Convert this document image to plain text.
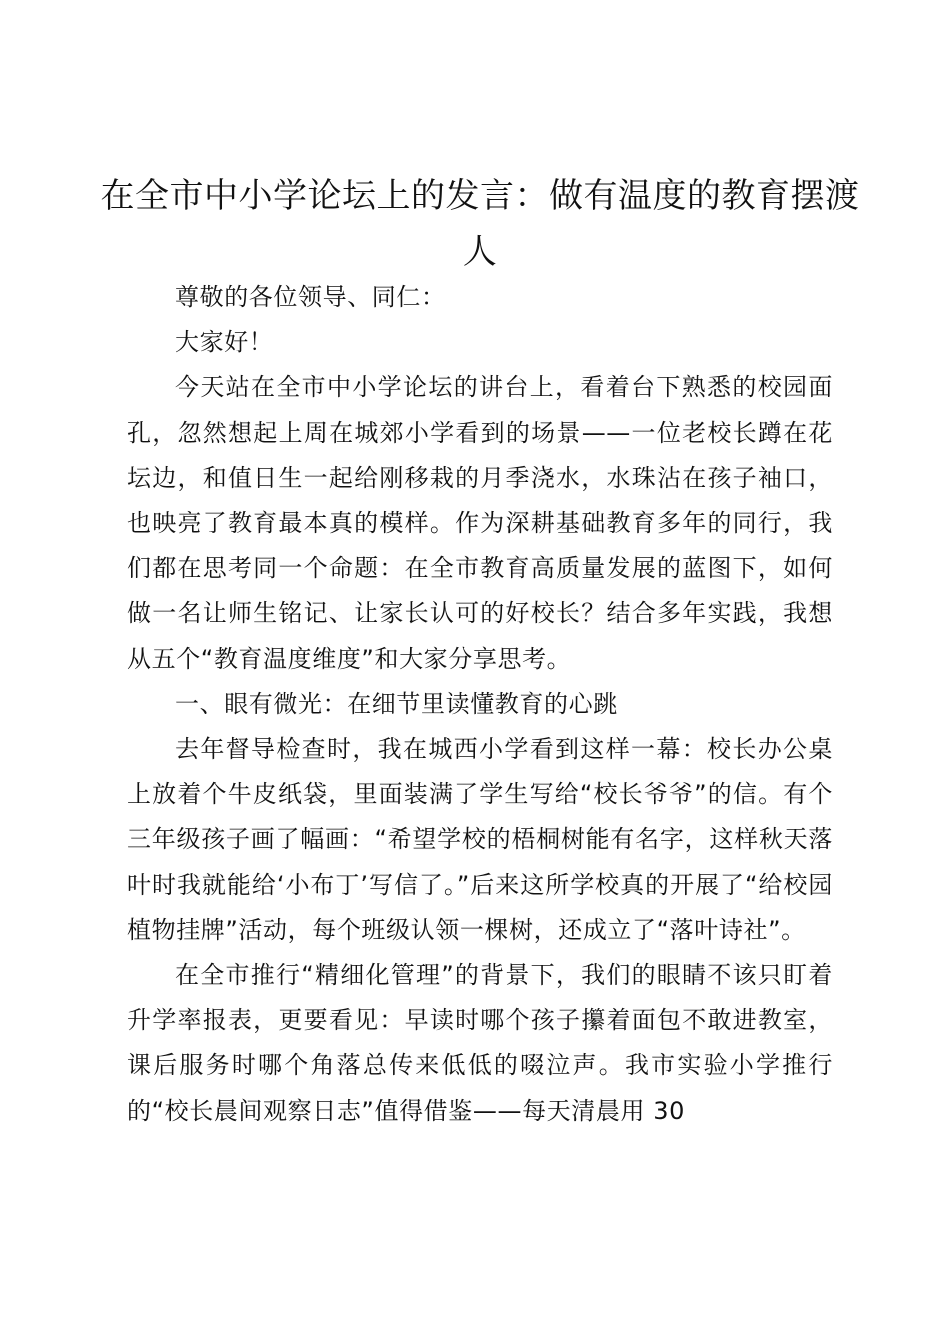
在全市中小学论坛上的发言：做有温度的教育摆渡人

尊敬的各位领导、同仁：

大家好！

今天站在全市中小学论坛的讲台上，看着台下熟悉的校园面孔，忽然想起上周在城郊小学看到的场景——一位老校长蹲在花坛边，和值日生一起给刚移栽的月季浇水，水珠沾在孩子袖口，也映亮了教育最本真的模样。作为深耕基础教育多年的同行，我们都在思考同一个命题：在全市教育高质量发展的蓝图下，如何做一名让师生铭记、让家长认可的好校长？结合多年实践，我想从五个“教育温度维度”和大家分享思考。

一、眼有微光：在细节里读懂教育的心跳

去年督导检查时，我在城西小学看到这样一幕：校长办公桌上放着个牛皮纸袋，里面装满了学生写给“校长爷爷”的信。有个三年级孩子画了幅画：“希望学校的梧桐树能有名字，这样秋天落叶时我就能给‘小布丁’写信了。”后来这所学校真的开展了“给校园植物挂牌”活动，每个班级认领一棵树，还成立了“落叶诗社”。

在全市推行“精细化管理”的背景下，我们的眼睛不该只盯着升学率报表，更要看见：早读时哪个孩子攥着面包不敢进教室，课后服务时哪个角落总传来低低的啜泣声。我市实验小学推行的“校长晨间观察日志”值得借鉴——每天清晨用 30
